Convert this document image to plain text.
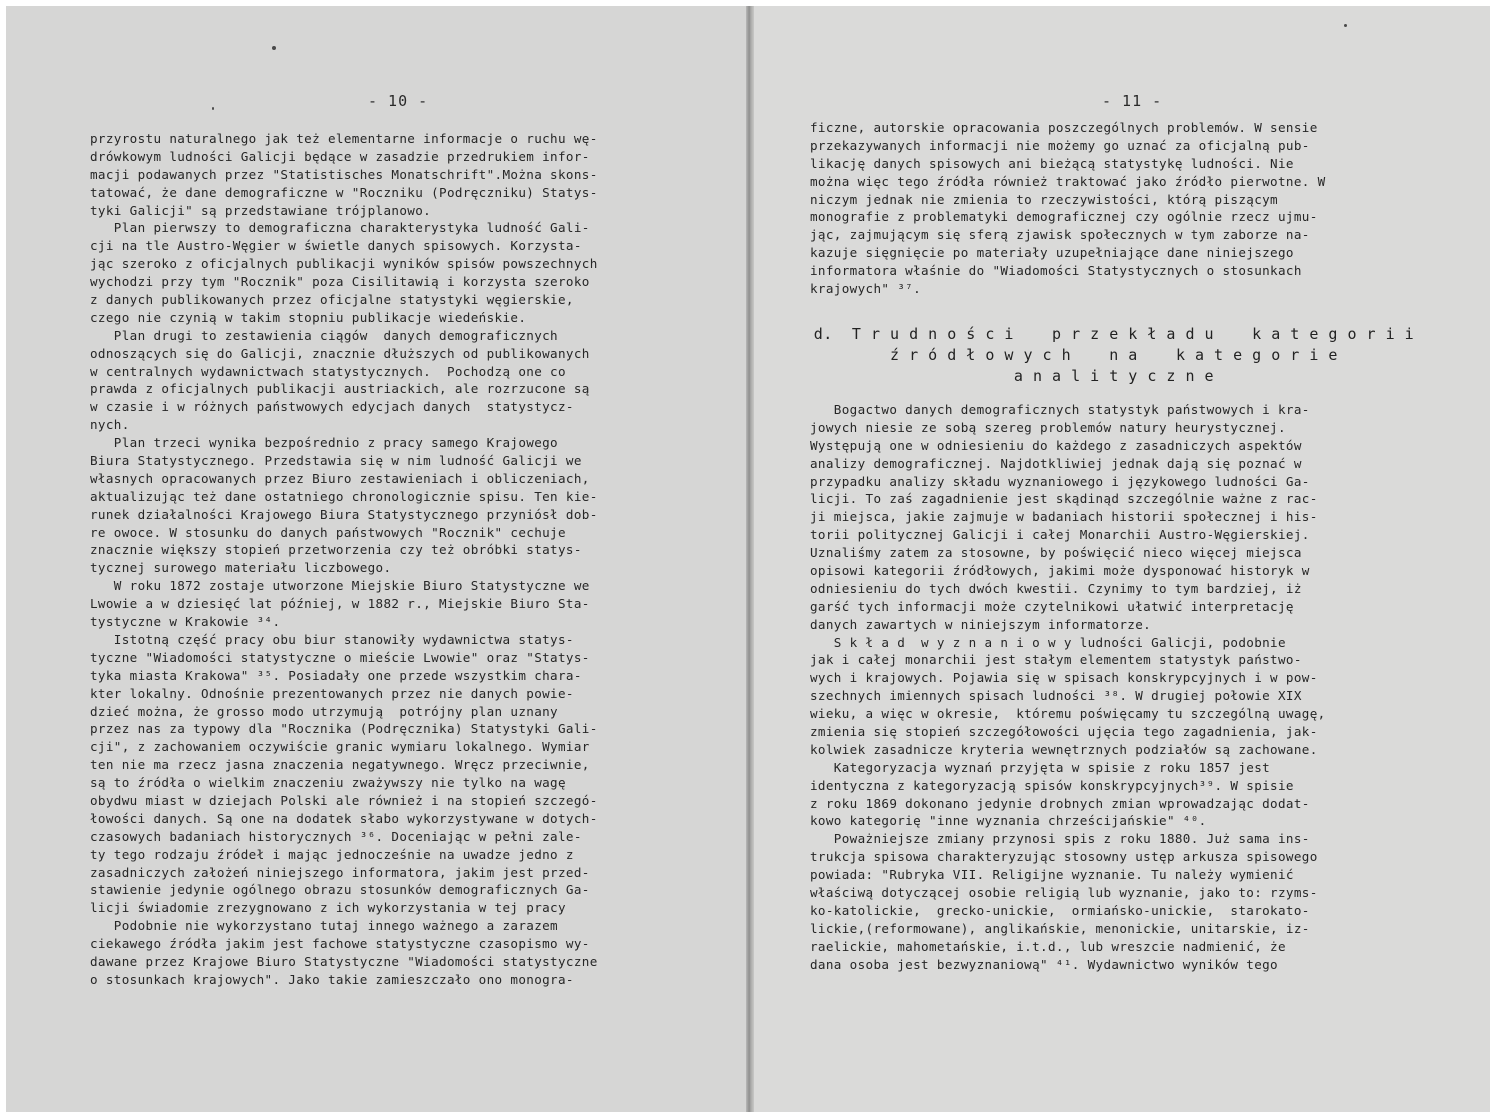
- 10 -
przyrostu naturalnego jak też elementarne informacje o ruchu wę-
drówkowym ludności Galicji będące w zasadzie przedrukiem infor-
macji podawanych przez "Statistisches Monatschrift".Można skons-
tatować, że dane demograficzne w "Roczniku (Podręczniku) Statys-
tyki Galicji" są przedstawiane trójplanowo.
Plan pierwszy to demograficzna charakterystyka ludność Gali-
cji na tle Austro-Węgier w świetle danych spisowych. Korzysta-
jąc szeroko z oficjalnych publikacji wyników spisów powszechnych
wychodzi przy tym "Rocznik" poza Cisilitawią i korzysta szeroko
z danych publikowanych przez oficjalne statystyki węgierskie,
czego nie czynią w takim stopniu publikacje wiedeńskie.
Plan drugi to zestawienia ciągów  danych demograficznych
odnoszących się do Galicji, znacznie dłuższych od publikowanych
w centralnych wydawnictwach statystycznych.  Pochodzą one co
prawda z oficjalnych publikacji austriackich, ale rozrzucone są
w czasie i w różnych państwowych edycjach danych  statystycz-
nych.
Plan trzeci wynika bezpośrednio z pracy samego Krajowego
Biura Statystycznego. Przedstawia się w nim ludność Galicji we
własnych opracowanych przez Biuro zestawieniach i obliczeniach,
aktualizując też dane ostatniego chronologicznie spisu. Ten kie-
runek działalności Krajowego Biura Statystycznego przyniósł dob-
re owoce. W stosunku do danych państwowych "Rocznik" cechuje
znacznie większy stopień przetworzenia czy też obróbki statys-
tycznej surowego materiału liczbowego.
W roku 1872 zostaje utworzone Miejskie Biuro Statystyczne we
Lwowie a w dziesięć lat później, w 1882 r., Miejskie Biuro Sta-
tystyczne w Krakowie ³⁴.
Istotną część pracy obu biur stanowiły wydawnictwa statys-
tyczne "Wiadomości statystyczne o mieście Lwowie" oraz "Statys-
tyka miasta Krakowa" ³⁵. Posiadały one przede wszystkim chara-
kter lokalny. Odnośnie prezentowanych przez nie danych powie-
dzieć można, że grosso modo utrzymują  potrójny plan uznany
przez nas za typowy dla "Rocznika (Podręcznika) Statystyki Gali-
cji", z zachowaniem oczywiście granic wymiaru lokalnego. Wymiar
ten nie ma rzecz jasna znaczenia negatywnego. Wręcz przeciwnie,
są to źródła o wielkim znaczeniu zważywszy nie tylko na wagę
obydwu miast w dziejach Polski ale również i na stopień szczegó-
łowości danych. Są one na dodatek słabo wykorzystywane w dotych-
czasowych badaniach historycznych ³⁶. Doceniając w pełni zale-
ty tego rodzaju źródeł i mając jednocześnie na uwadze jedno z
zasadniczych założeń niniejszego informatora, jakim jest przed-
stawienie jedynie ogólnego obrazu stosunków demograficznych Ga-
licji świadomie zrezygnowano z ich wykorzystania w tej pracy
Podobnie nie wykorzystano tutaj innego ważnego a zarazem
ciekawego źródła jakim jest fachowe statystyczne czasopismo wy-
dawane przez Krajowe Biuro Statystyczne "Wiadomości statystyczne
o stosunkach krajowych". Jako takie zamieszczało ono monogra-
- 11 -
ficzne, autorskie opracowania poszczególnych problemów. W sensie
przekazywanych informacji nie możemy go uznać za oficjalną pub-
likację danych spisowych ani bieżącą statystykę ludności. Nie
można więc tego źródła również traktować jako źródło pierwotne. W
niczym jednak nie zmienia to rzeczywistości, którą piszącym
monografie z problematyki demograficznej czy ogólnie rzecz ujmu-
jąc, zajmującym się sferą zjawisk społecznych w tym zaborze na-
kazuje sięgnięcie po materiały uzupełniające dane niniejszego
informatora właśnie do "Wiadomości Statystycznych o stosunkach
krajowych" ³⁷.
d.  T r u d n o ś c i    p r z e k ł a d u    k a t e g o r i i
ź r ó d ł o w y c h    n a    k a t e g o r i e
a n a l i t y c z n e
Bogactwo danych demograficznych statystyk państwowych i kra-
jowych niesie ze sobą szereg problemów natury heurystycznej.
Występują one w odniesieniu do każdego z zasadniczych aspektów
analizy demograficznej. Najdotkliwiej jednak dają się poznać w
przypadku analizy składu wyznaniowego i językowego ludności Ga-
licji. To zaś zagadnienie jest skądinąd szczególnie ważne z rac-
ji miejsca, jakie zajmuje w badaniach historii społecznej i his-
torii politycznej Galicji i całej Monarchii Austro-Węgierskiej.
Uznaliśmy zatem za stosowne, by poświęcić nieco więcej miejsca
opisowi kategorii źródłowych, jakimi może dysponować historyk w
odniesieniu do tych dwóch kwestii. Czynimy to tym bardziej, iż
garść tych informacji może czytelnikowi ułatwić interpretację
danych zawartych w niniejszym informatorze.
S k ł a d  w y z n a n i o w y ludności Galicji, podobnie
jak i całej monarchii jest stałym elementem statystyk państwo-
wych i krajowych. Pojawia się w spisach konskrypcyjnych i w pow-
szechnych imiennych spisach ludności ³⁸. W drugiej połowie XIX
wieku, a więc w okresie,  któremu poświęcamy tu szczególną uwagę,
zmienia się stopień szczegółowości ujęcia tego zagadnienia, jak-
kolwiek zasadnicze kryteria wewnętrznych podziałów są zachowane.
Kategoryzacja wyznań przyjęta w spisie z roku 1857 jest
identyczna z kategoryzacją spisów konskrypcyjnych³⁹. W spisie
z roku 1869 dokonano jedynie drobnych zmian wprowadzając dodat-
kowo kategorię "inne wyznania chrześcijańskie" ⁴⁰.
Poważniejsze zmiany przynosi spis z roku 1880. Już sama ins-
trukcja spisowa charakteryzując stosowny ustęp arkusza spisowego
powiada: "Rubryka VII. Religijne wyznanie. Tu należy wymienić
właściwą dotyczącej osobie religią lub wyznanie, jako to: rzyms-
ko-katolickie,  grecko-unickie,  ormiańsko-unickie,  starokato-
lickie,(reformowane), anglikańskie, menonickie, unitarskie, iz-
raelickie, mahometańskie, i.t.d., lub wreszcie nadmienić, że
dana osoba jest bezwyznaniową" ⁴¹. Wydawnictwo wyników tego
